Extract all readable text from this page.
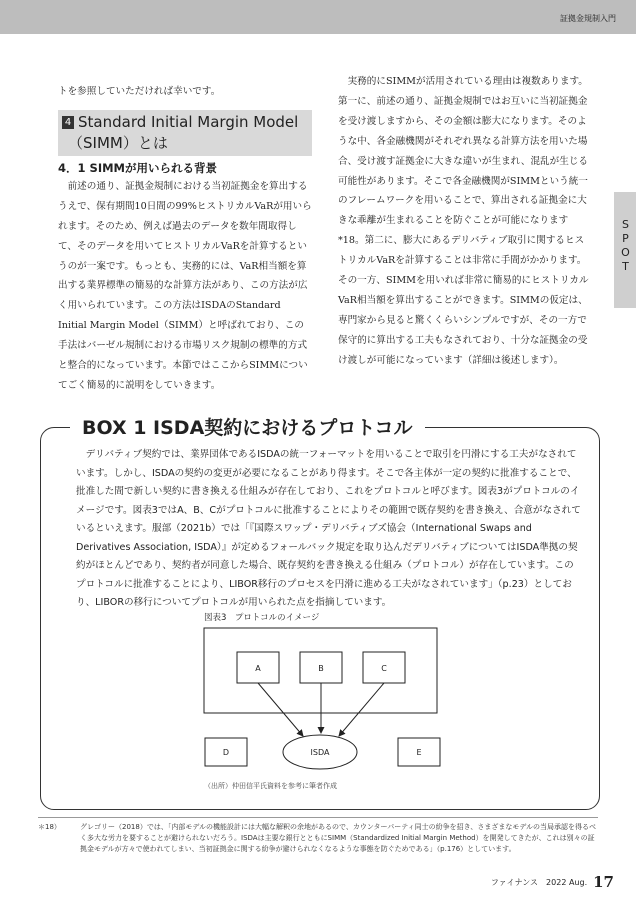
証拠金規制入門
SPOT

トを参照していただければ幸いです。

4 Standard Initial Margin Model
（SIMM）とは
4．1 SIMMが用いられる背景

前述の通り、証拠金規制における当初証拠金を算出するうえで、保有期間10日間の99%ヒストリカルVaRが用いられます。そのため、例えば過去のデータを数年間取得して、そのデータを用いてヒストリカルVaRを計算するというのが一案です。もっとも、実務的には、VaR相当額を算出する業界標準の簡易的な計算方法があり、この方法が広く用いられています。この方法はISDAのStandard Initial Margin Model（SIMM）と呼ばれており、この手法はバーゼル規制における市場リスク規制の標準的方式と整合的になっています。本節ではここからSIMMについてごく簡易的に説明をしていきます。

実務的にSIMMが活用されている理由は複数あります。第一に、前述の通り、証拠金規制ではお互いに当初証拠金を受け渡しますから、その金額は膨大になります。そのような中、各金融機関がそれぞれ異なる計算方法を用いた場合、受け渡す証拠金に大きな違いが生まれ、混乱が生じる可能性があります。そこで各金融機関がSIMMという統一のフレームワークを用いることで、算出される証拠金に大きな乖離が生まれることを防ぐことが可能になります*18。第二に、膨大にあるデリバティブ取引に関するヒストリカルVaRを計算することは非常に手間がかかります。その一方、SIMMを用いれば非常に簡易的にヒストリカルVaR相当額を算出することができます。SIMMの仮定は、専門家から見ると驚くくらいシンプルですが、その一方で保守的に算出する工夫もなされており、十分な証拠金の受け渡しが可能になっています（詳細は後述します）。

BOX 1 ISDA契約におけるプロトコル

デリバティブ契約では、業界団体であるISDAの統一フォーマットを用いることで取引を円滑にする工夫がなされています。しかし、ISDAの契約の変更が必要になることがあり得ます。そこで各主体が一定の契約に批准することで、批准した間で新しい契約に書き換える仕組みが存在しており、これをプロトコルと呼びます。図表3がプロトコルのイメージです。図表3ではA、B、Cがプロトコルに批准することによりその範囲で既存契約を書き換え、合意がなされているといえます。服部（2021b）では「『国際スワップ・デリバティブズ協会（International Swaps and Derivatives Association, ISDA）』が定めるフォールバック規定を取り込んだデリバティブについてはISDA準拠の契約がほとんどであり、契約者が同意した場合、既存契約を書き換える仕組み（プロトコル）が存在しています。このプロトコルに批准することにより、LIBOR移行のプロセスを円滑に進める工夫がなされています」（p.23）としており、LIBORの移行についてプロトコルが用いられた点を指摘しています。

図表3　プロトコルのイメージ
A	B	C
D	ISDA	E
（出所）仲田信平氏資料を参考に筆者作成
＊18）	グレゴリー（2018）では、「内部モデルの機能設計には大幅な解釈の余地があるので、カウンターパーティ同士の紛争を招き、さまざまなモデルの当局承認を得るべく多大な労力を要することが避けられないだろう。ISDAは主要な銀行とともにSIMM（Standardized Initial Margin Method）を開発してきたが、これは別々の証拠金モデルが方々で使われてしまい、当初証拠金に関する紛争が避けられなくなるような事態を防ぐためである」（p.176）としています。
ファイナンス　2022 Aug. 17
